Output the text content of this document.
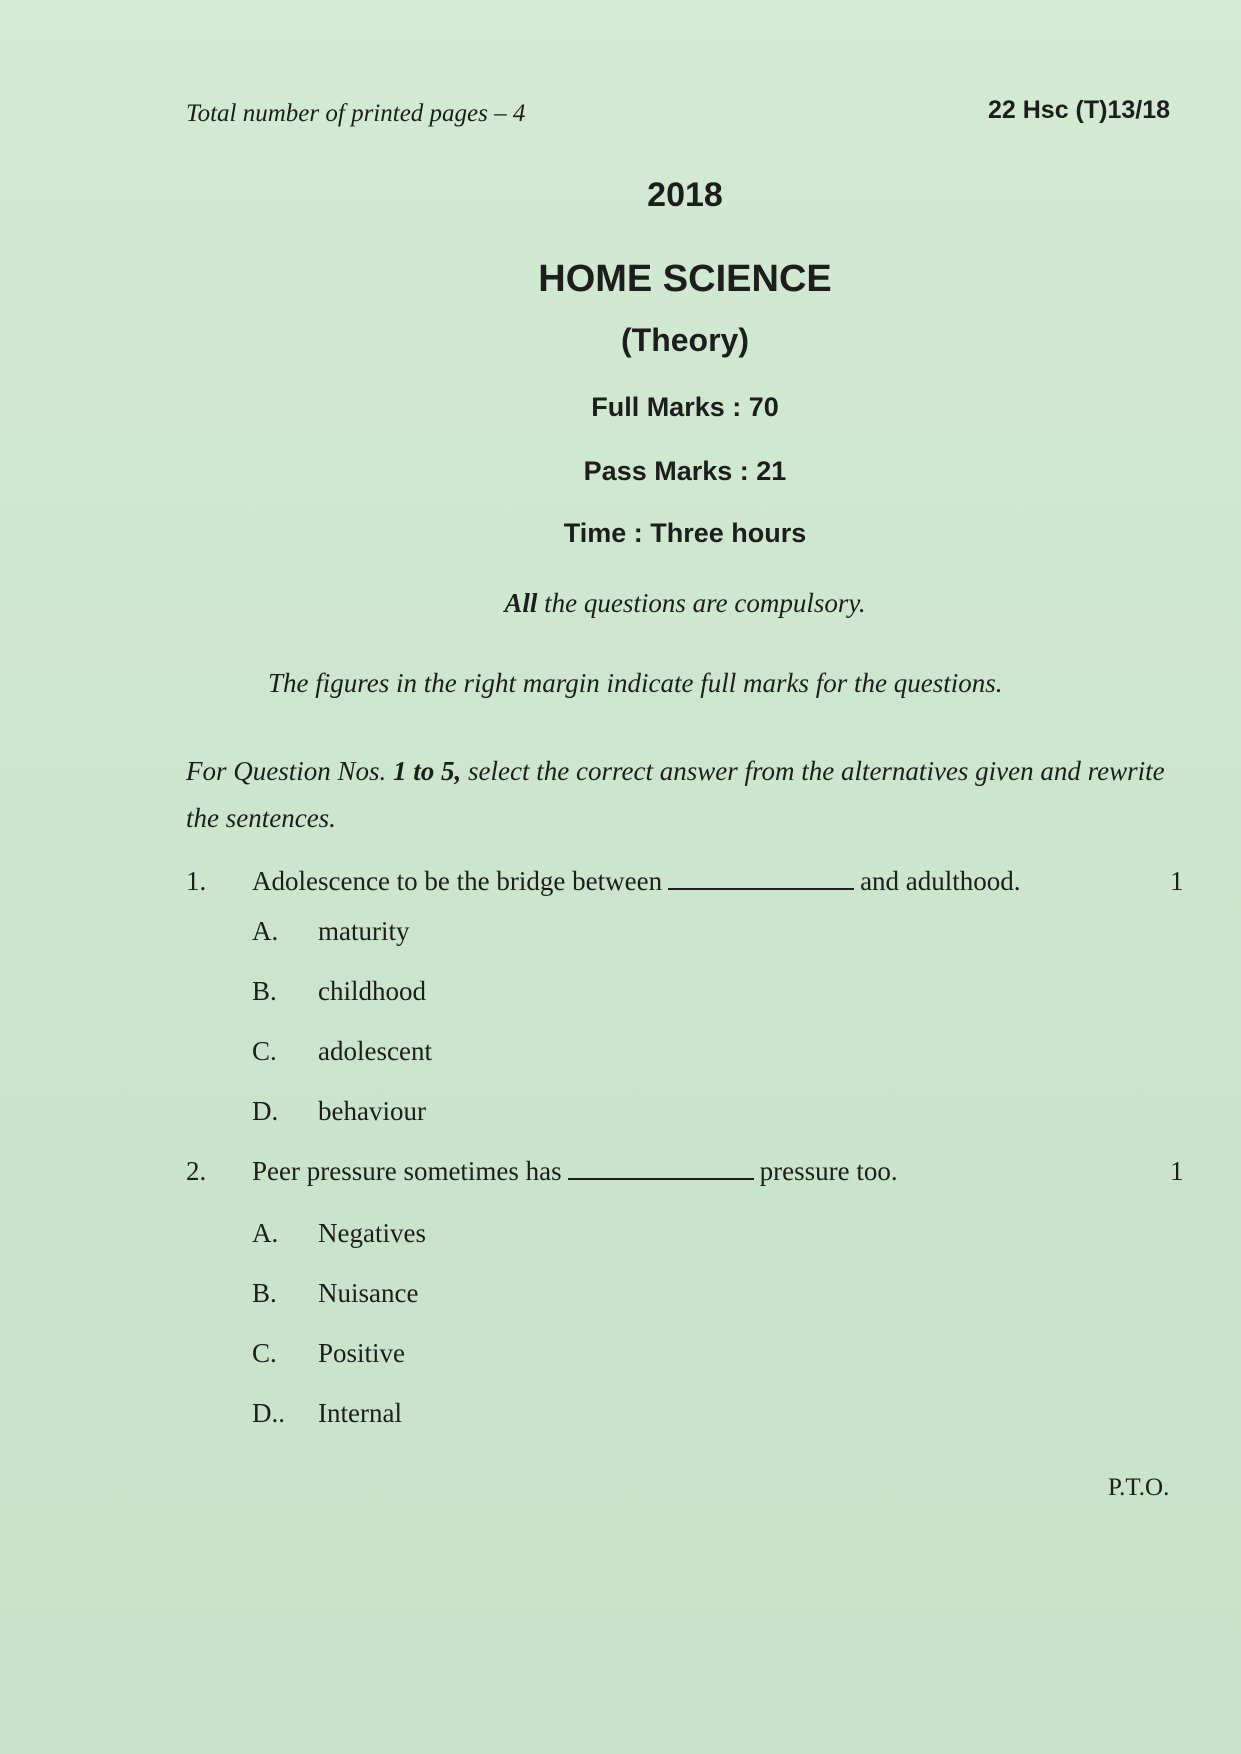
Total number of printed pages – 4	22 Hsc (T)13/18
2018
HOME SCIENCE
(Theory)
Full Marks : 70
Pass Marks : 21
Time : Three hours
All the questions are compulsory.
The figures in the right margin indicate full marks for the questions.
For Question Nos. 1 to 5, select the correct answer from the alternatives given and rewrite the sentences.
1. Adolescence to be the bridge between	and adulthood.	1
A. maturity
B. childhood
C. adolescent
D. behaviour
2. Peer pressure sometimes has	pressure too.	1
A. Negatives
B. Nuisance
C. Positive
D.. Internal
P.T.O.
